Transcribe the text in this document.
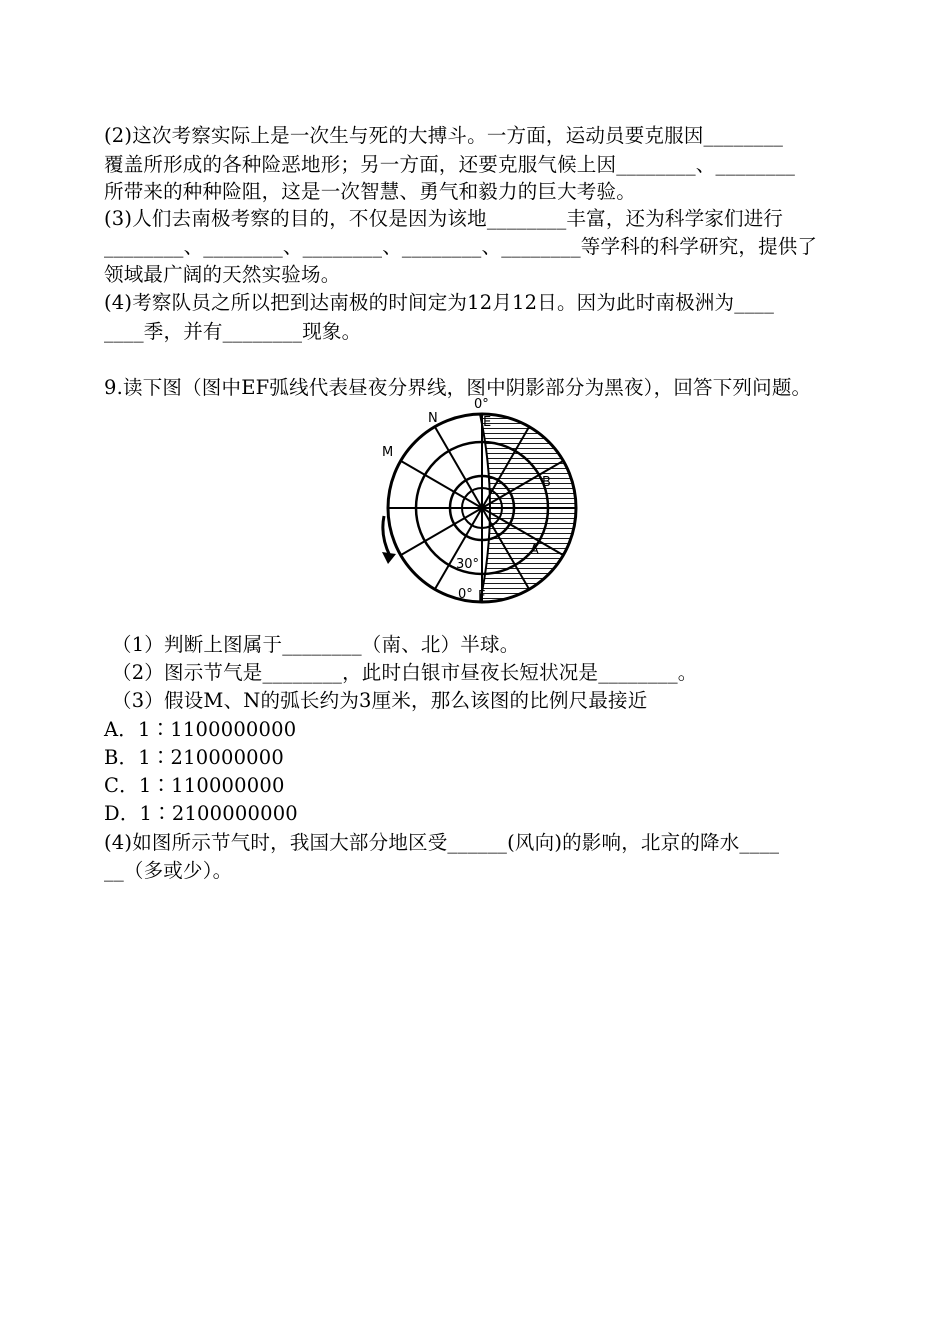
(2)这次考察实际上是一次生与死的大搏斗。一方面，运动员要克服因________
覆盖所形成的各种险恶地形；另一方面，还要克服气候上因________、________
所带来的种种险阻，这是一次智慧、勇气和毅力的巨大考验。
(3)人们去南极考察的目的，不仅是因为该地________丰富，还为科学家们进行
________、________、________、________、________等学科的科学研究，提供了
领域最广阔的天然实验场。
(4)考察队员之所以把到达南极的时间定为12月12日。因为此时南极洲为____
____季，并有________现象。
9.读下图（图中EF弧线代表昼夜分界线，图中阴影部分为黑夜），回答下列问题。
0°
E
N
M
B
A
30°
0° F
（1）判断上图属于________（南、北）半球。
（2）图示节气是________，此时白银市昼夜长短状况是________。
（3）假设M、N的弧长约为3厘米，那么该图的比例尺最接近
A．1∶1100000000
B．1∶210000000
C．1∶110000000
D．1∶2100000000
(4)如图所示节气时，我国大部分地区受______(风向)的影响，北京的降水____
__（多或少）。
